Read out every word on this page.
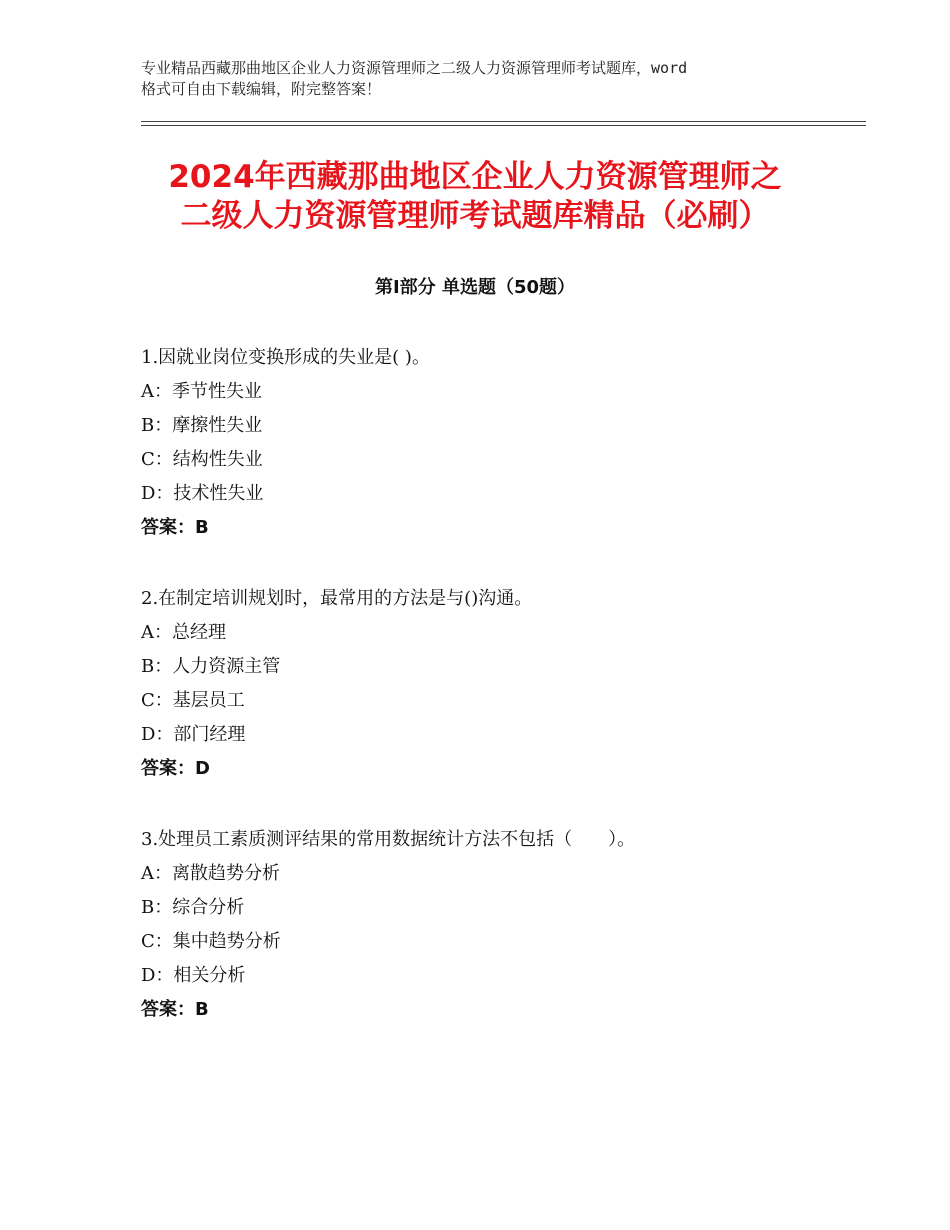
专业精品西藏那曲地区企业人力资源管理师之二级人力资源管理师考试题库，word
格式可自由下载编辑，附完整答案！
2024年西藏那曲地区企业人力资源管理师之
二级人力资源管理师考试题库精品（必刷）
第Ⅰ部分 单选题（50题）
1.因就业岗位变换形成的失业是( )。
A：季节性失业
B：摩擦性失业
C：结构性失业
D：技术性失业
答案：B
2.在制定培训规划时，最常用的方法是与()沟通。
A：总经理
B：人力资源主管
C：基层员工
D：部门经理
答案：D
3.处理员工素质测评结果的常用数据统计方法不包括（　　）。
A：离散趋势分析
B：综合分析
C：集中趋势分析
D：相关分析
答案：B
